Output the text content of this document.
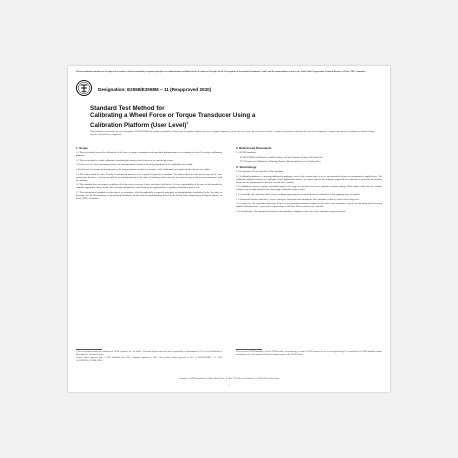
This international standard was developed in accordance with internationally recognized principles on standardization established in the Decision on Principles for the Development of International Standards, Guides and Recommendations issued by the World Trade Organization Technical Barriers to Trade (TBT) Committee.
Designation: E2558/E2558M − 11 (Reapproved 2020)
Standard Test Method for
Calibrating a Wheel Force or Torque Transducer Using a
Calibration Platform (User Level)$^1$
This standard is issued under the fixed designation E2558/E2558M; the number immediately following the designation indicates the year of original adoption or, in the case of revision, the year of last revision. A number in parentheses indicates the year of last reapproval. A superscript epsilon (ε) indicates an editorial change since the last revision or reapproval.
1. Scope
1.1 This test method covers the calibration of the force (or torque) transducer and associated instrumentation of a rotating test wheel by using a calibration platform.
1.2 This test method is a static calibration, translating the traction force between a tire and the pavement.
1.3 In the case of a force-measuring system, the instrumentation readout is directly proportional to the calibration force input.
1.4 In the case of a torque-measuring system, the instrumentation readout is a measure of the calibration force input and the effective tire radius.
1.5 The values stated in either SI units or inch-pound units are to be regarded separately as standard. The values stated in each system may not be exact equivalents; therefore, each system shall be used independently of the other. Combining values from the two systems may result in nonconformance with the standard.
1.6 This standard does not purport to address all of the safety concerns, if any, associated with its use. It is the responsibility of the user of this standard to establish appropriate safety, health, and environmental practices and determine the applicability of regulatory limitations prior to use.
1.7 This international standard was developed in accordance with internationally recognized principles on standardization established in the Decision on Principles for the Development of International Standards, Guides and Recommendations issued by the World Trade Organization Technical Barriers to Trade (TBT) Committee.
2. Referenced Documents
2.1 ASTM Standards:
E274/E274M Test Method for Skid Resistance of Paved Surfaces Using a Full-Scale Tire
F377 Practice for Calibration of Braking/Tractive Measuring Devices for Testing Tires
3. Terminology
3.1 Definitions of Terms Specific to This Standard:
3.1.1 calibration platform—a moving platform for applying a force to the contact plane of a tire, and associated means for measuring the applied force. The calibration platform consists of a rigid plate with a high-friction surface, in contact with the tire footprint, supported on a frictionless, preferably air, bearing. It may also be instrumented to measure vertical forces (loads).
3.1.2 calibration reference inputs—repeatable inputs in the range of expected wheel force transducer system loading. These inputs could either be constant voltages or preferably produced by a strain-gage calibration shunt resistor.
3.1.3 crosstalk—the undesired effect of force readings appearing on an unloaded axis of a transducer while applying force to another.
3.1.4 horizontal traction (traction)—a force acting in a horizontal axis through the wheel transducer; that is, locked wheel drag force.
3.1.5 hysteresis—the maximum difference between corresponding transducer outputs (of the wheel force transducer system) at increasing and decreasing applied calibration force, expressed as a percentage of full load. Proven surfaces are excluded.
3.1.6 nonlinearity—the maximum deviation of the transducer output(s) of the wheel force transducer system from the
1 This test method is under the jurisdiction of ASTM Committee E17 on Vehicle - Pavement Systems and is the direct responsibility of Subcommittee E17.21 on Field Methods for Measuring Tire Pavement Friction.
Current edition approved May 1, 2020. Published June 2020. Originally approved in 2007. Last previous edition approved in 2011 as E2558/E2558M – 11. DOI: 10.1520/E2558_E2558M-11R20.
2 For referenced ASTM standards, visit the ASTM website, www.astm.org, or contact ASTM Customer Service at service@astm.org. For Annual Book of ASTM Standards volume information, refer to the standard's Document Summary page on the ASTM website.
Copyright © ASTM International, 100 Barr Harbor Drive, PO Box C700, West Conshohocken, PA 19428-2959. United States
1
